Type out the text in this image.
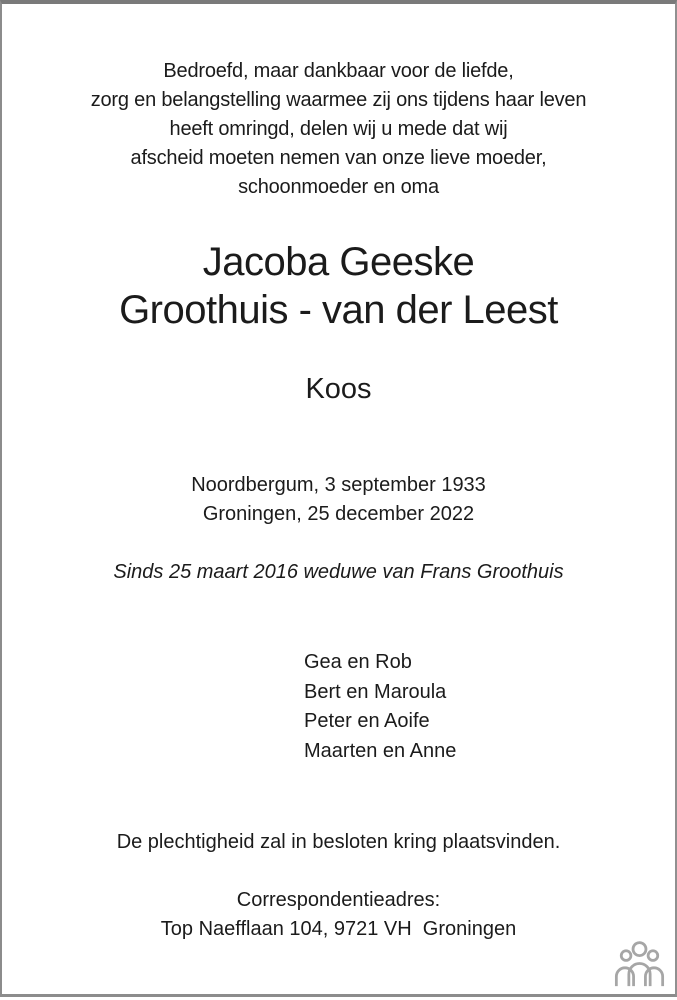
Bedroefd, maar dankbaar voor de liefde,
zorg en belangstelling waarmee zij ons tijdens haar leven
heeft omringd, delen wij u mede dat wij
afscheid moeten nemen van onze lieve moeder,
schoonmoeder en oma
Jacoba Geeske
Groothuis - van der Leest
Koos
Noordbergum, 3 september 1933
Groningen, 25 december 2022
Sinds 25 maart 2016 weduwe van Frans Groothuis
Gea en Rob
Bert en Maroula
Peter en Aoife
Maarten en Anne
De plechtigheid zal in besloten kring plaatsvinden.
Correspondentieadres:
Top Naefflaan 104, 9721 VH  Groningen
